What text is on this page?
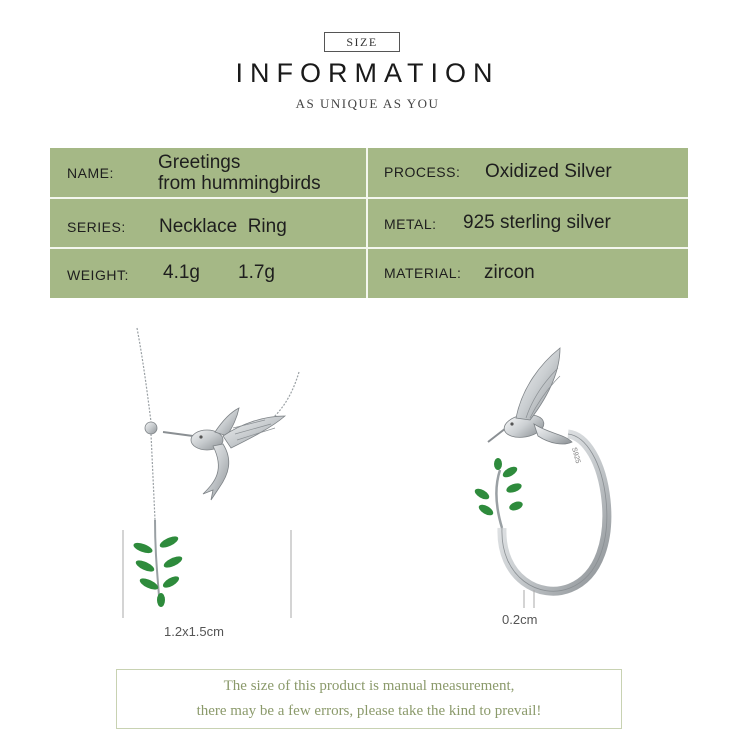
SIZE
INFORMATION
AS UNIQUE AS YOU
NAME: Greetings
from hummingbirds
PROCESS: Oxidized Silver
SERIES: Necklace  Ring	METAL: 925 sterling silver
WEIGHT: 4.1g 1.7g	MATERIAL: zircon
1.2x1.5cm
S925
0.2cm
The size of this product is manual measurement,
there may be a few errors, please take the kind to prevail!
